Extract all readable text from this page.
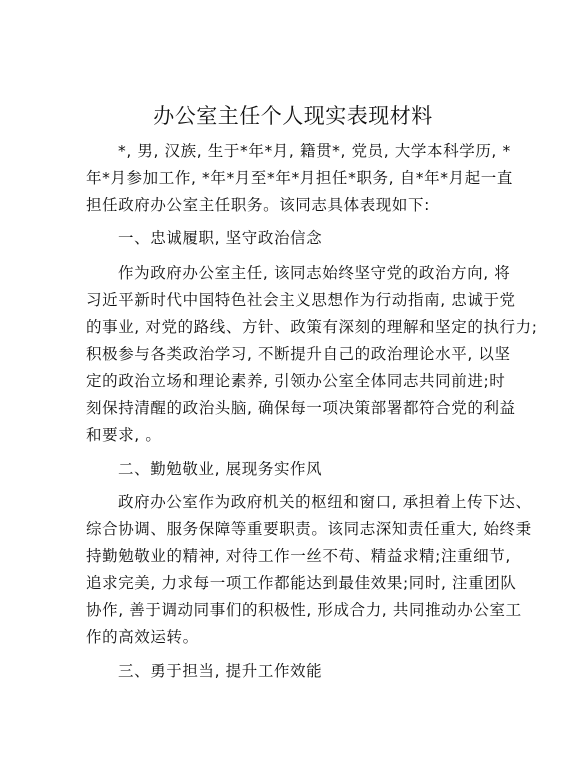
办公室主任个人现实表现材料
*, 男, 汉族, 生于*年*月, 籍贯*, 党员, 大学本科学历, *
年*月参加工作, *年*月至*年*月担任*职务, 自*年*月起一直
担任政府办公室主任职务。该同志具体表现如下:
一、忠诚履职, 坚守政治信念
作为政府办公室主任, 该同志始终坚守党的政治方向, 将
习近平新时代中国特色社会主义思想作为行动指南, 忠诚于党
的事业, 对党的路线、方针、政策有深刻的理解和坚定的执行力;
积极参与各类政治学习, 不断提升自己的政治理论水平, 以坚
定的政治立场和理论素养, 引领办公室全体同志共同前进;时
刻保持清醒的政治头脑, 确保每一项决策部署都符合党的利益
和要求, 。
二、勤勉敬业, 展现务实作风
政府办公室作为政府机关的枢纽和窗口, 承担着上传下达、
综合协调、服务保障等重要职责。该同志深知责任重大, 始终秉
持勤勉敬业的精神, 对待工作一丝不苟、精益求精;注重细节,
追求完美, 力求每一项工作都能达到最佳效果;同时, 注重团队
协作, 善于调动同事们的积极性, 形成合力, 共同推动办公室工
作的高效运转。
三、勇于担当, 提升工作效能
